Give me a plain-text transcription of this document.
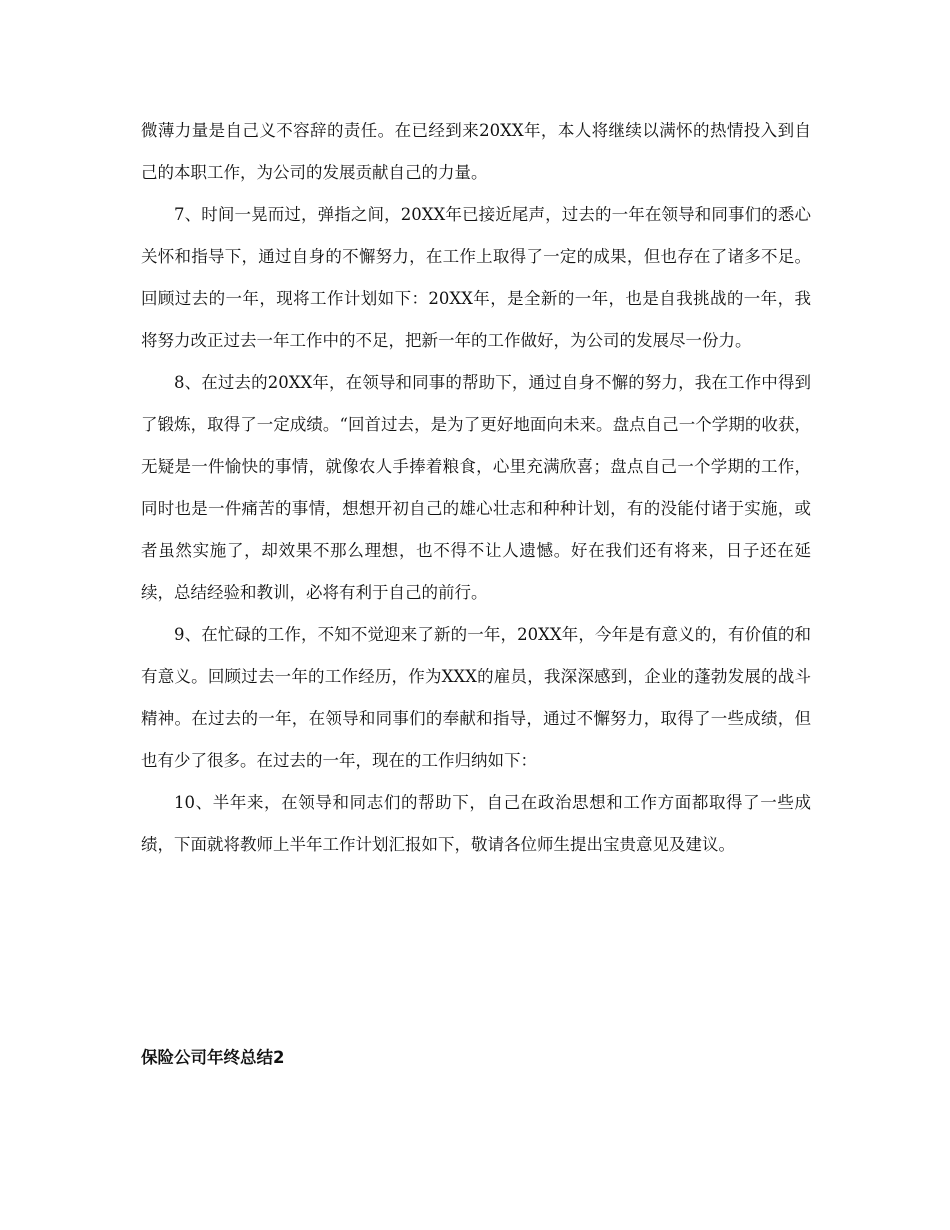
微薄力量是自己义不容辞的责任。在已经到来20XX年，本人将继续以满怀的热情投入到自己的本职工作，为公司的发展贡献自己的力量。

7、时间一晃而过，弹指之间，20XX年已接近尾声，过去的一年在领导和同事们的悉心关怀和指导下，通过自身的不懈努力，在工作上取得了一定的成果，但也存在了诸多不足。回顾过去的一年，现将工作计划如下：20XX年，是全新的一年，也是自我挑战的一年，我将努力改正过去一年工作中的不足，把新一年的工作做好，为公司的发展尽一份力。

8、在过去的20XX年，在领导和同事的帮助下，通过自身不懈的努力，我在工作中得到了锻炼，取得了一定成绩。“回首过去，是为了更好地面向未来。盘点自己一个学期的收获，无疑是一件愉快的事情，就像农人手捧着粮食，心里充满欣喜；盘点自己一个学期的工作，同时也是一件痛苦的事情，想想开初自己的雄心壮志和种种计划，有的没能付诸于实施，或者虽然实施了，却效果不那么理想，也不得不让人遗憾。好在我们还有将来，日子还在延续，总结经验和教训，必将有利于自己的前行。

9、在忙碌的工作，不知不觉迎来了新的一年，20XX年，今年是有意义的，有价值的和有意义。回顾过去一年的工作经历，作为XXX的雇员，我深深感到，企业的蓬勃发展的战斗精神。在过去的一年，在领导和同事们的奉献和指导，通过不懈努力，取得了一些成绩，但也有少了很多。在过去的一年，现在的工作归纳如下：

10、半年来，在领导和同志们的帮助下，自己在政治思想和工作方面都取得了一些成绩，下面就将教师上半年工作计划汇报如下，敬请各位师生提出宝贵意见及建议。

保险公司年终总结2
